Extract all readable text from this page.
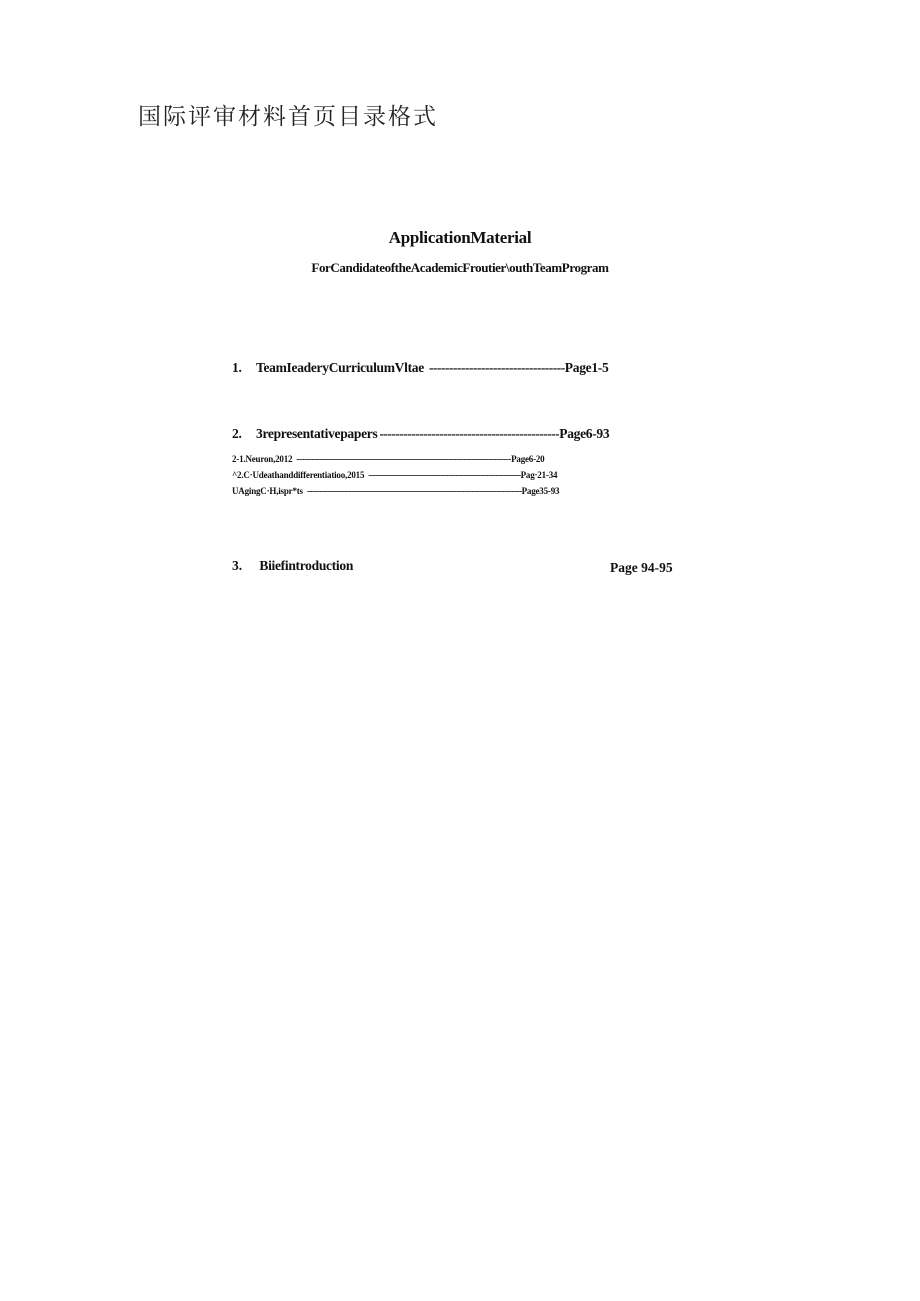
国际评审材料首页目录格式
ApplicationMaterial
ForCandidateoftheAcademicFroutier\outhTeamProgram
1.	TeamIeaderyCurriculumVltae ---------------------------------- Page1-5
2.	3representativepapers --------------------------------------------- Page6-93
2-1.Neuron,2012 -------------------------------------------------------------------------------------- Page6-20
^2.C·Udeathanddifferentiatioo,2015 ------------------------------------------------------------- Pag·21-34
UAgingC·H,ispr*ts -------------------------------------------------------------------------------------- Page35-93
3. Biiefintroduction	Page 94-95
